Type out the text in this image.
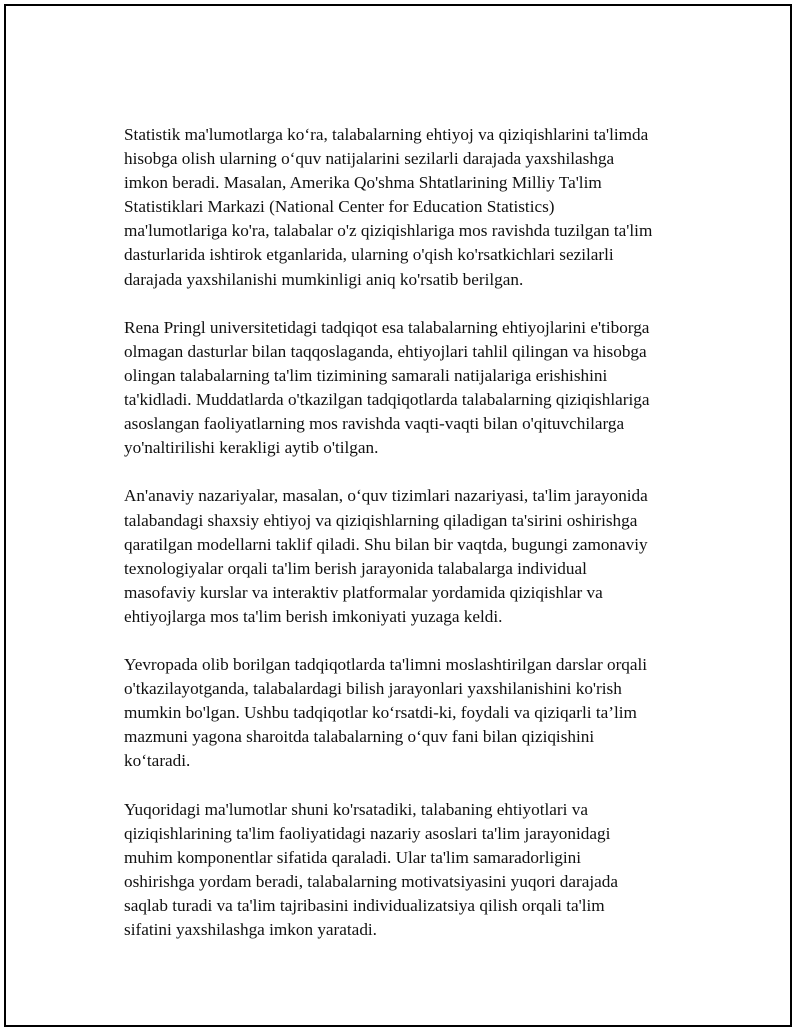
Statistik ma'lumotlarga ko‘ra, talabalarning ehtiyoj va qiziqishlarini ta'limda
hisobga olish ularning o‘quv natijalarini sezilarli darajada yaxshilashga
imkon beradi. Masalan, Amerika Qo'shma Shtatlarining Milliy Ta'lim
Statistiklari Markazi (National Center for Education Statistics)
ma'lumotlariga ko'ra, talabalar o'z qiziqishlariga mos ravishda tuzilgan ta'lim
dasturlarida ishtirok etganlarida, ularning o'qish ko'rsatkichlari sezilarli
darajada yaxshilanishi mumkinligi aniq ko'rsatib berilgan.

Rena Pringl universitetidagi tadqiqot esa talabalarning ehtiyojlarini e'tiborga
olmagan dasturlar bilan taqqoslaganda, ehtiyojlari tahlil qilingan va hisobga
olingan talabalarning ta'lim tizimining samarali natijalariga erishishini
ta'kidladi. Muddatlarda o'tkazilgan tadqiqotlarda talabalarning qiziqishlariga
asoslangan faoliyatlarning mos ravishda vaqti-vaqti bilan o'qituvchilarga
yo'naltirilishi kerakligi aytib o'tilgan.

An'anaviy nazariyalar, masalan, o‘quv tizimlari nazariyasi, ta'lim jarayonida
talabandagi shaxsiy ehtiyoj va qiziqishlarning qiladigan ta'sirini oshirishga
qaratilgan modellarni taklif qiladi. Shu bilan bir vaqtda, bugungi zamonaviy
texnologiyalar orqali ta'lim berish jarayonida talabalarga individual
masofaviy kurslar va interaktiv platformalar yordamida qiziqishlar va
ehtiyojlarga mos ta'lim berish imkoniyati yuzaga keldi.

Yevropada olib borilgan tadqiqotlarda ta'limni moslashtirilgan darslar orqali
o'tkazilayotganda, talabalardagi bilish jarayonlari yaxshilanishini ko'rish
mumkin bo'lgan. Ushbu tadqiqotlar ko‘rsatdi-ki, foydali va qiziqarli ta’lim
mazmuni yagona sharoitda talabalarning o‘quv fani bilan qiziqishini
ko‘taradi.

Yuqoridagi ma'lumotlar shuni ko'rsatadiki, talabaning ehtiyotlari va
qiziqishlarining ta'lim faoliyatidagi nazariy asoslari ta'lim jarayonidagi
muhim komponentlar sifatida qaraladi. Ular ta'lim samaradorligini
oshirishga yordam beradi, talabalarning motivatsiyasini yuqori darajada
saqlab turadi va ta'lim tajribasini individualizatsiya qilish orqali ta'lim
sifatini yaxshilashga imkon yaratadi.
